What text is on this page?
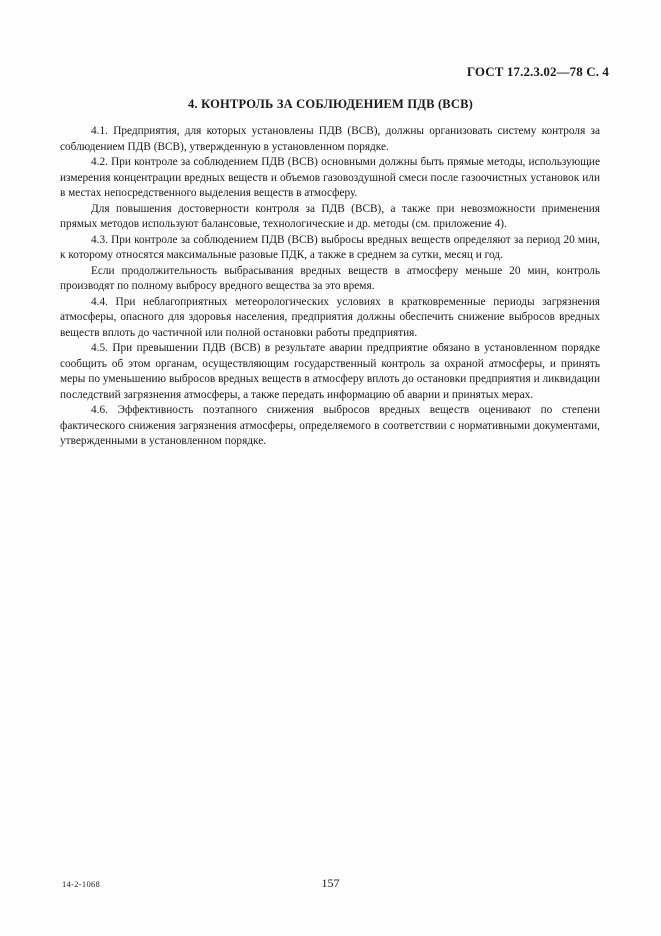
ГОСТ 17.2.3.02—78 С. 4
4. КОНТРОЛЬ ЗА СОБЛЮДЕНИЕМ ПДВ (ВСВ)

4.1. Предприятия, для которых установлены ПДВ (ВСВ), должны организовать систему контроля за соблюдением ПДВ (ВСВ), утвержденную в установленном порядке.

4.2. При контроле за соблюдением ПДВ (ВСВ) основными должны быть прямые методы, использующие измерения концентрации вредных веществ и объемов газовоздушной смеси после газоочистных установок или в местах непосредственного выделения веществ в атмосферу.

Для повышения достоверности контроля за ПДВ (ВСВ), а также при невозможности применения прямых методов используют балансовые, технологические и др. методы (см. приложение 4).

4.3. При контроле за соблюдением ПДВ (ВСВ) выбросы вредных веществ определяют за период 20 мин, к которому относятся максимальные разовые ПДК, а также в среднем за сутки, месяц и год.

Если продолжительность выбрасывания вредных веществ в атмосферу меньше 20 мин, контроль производят по полному выбросу вредного вещества за это время.

4.4. При неблагоприятных метеорологических условиях в кратковременные периоды загрязнения атмосферы, опасного для здоровья населения, предприятия должны обеспечить снижение выбросов вредных веществ вплоть до частичной или полной остановки работы предприятия.

4.5. При превышении ПДВ (ВСВ) в результате аварии предприятие обязано в установленном порядке сообщить об этом органам, осуществляющим государственный контроль за охраной атмосферы, и принять меры по уменьшению выбросов вредных веществ в атмосферу вплоть до остановки предприятия и ликвидации последствий загрязнения атмосферы, а также передать информацию об аварии и принятых мерах.

4.6. Эффективность поэтапного снижения выбросов вредных веществ оценивают по степени фактического снижения загрязнения атмосферы, определяемого в соответствии с нормативными документами, утвержденными в установленном порядке.

14-2-1068	157
